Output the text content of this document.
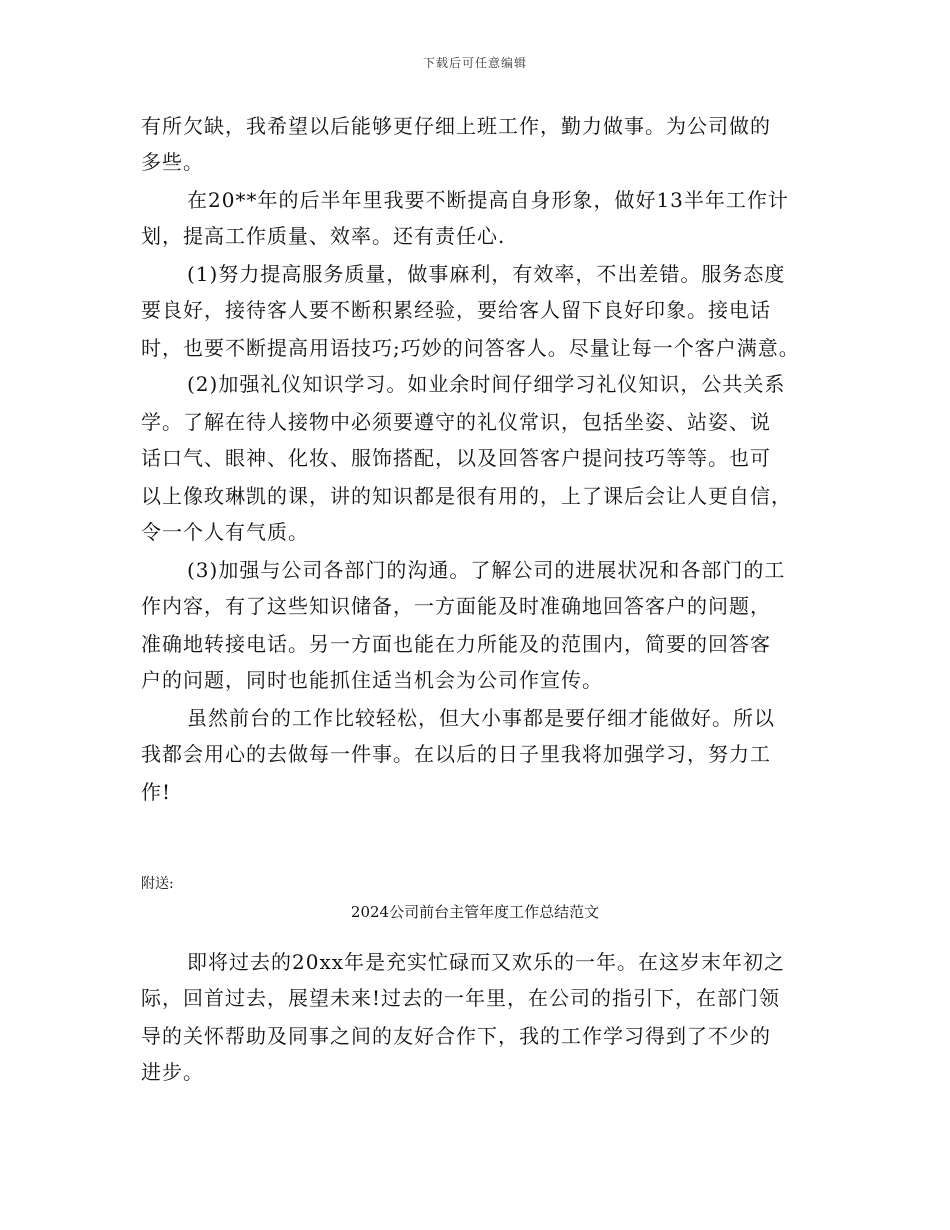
下载后可任意编辑
有所欠缺，我希望以后能够更仔细上班工作，勤力做事。为公司做的
多些。
在20**年的后半年里我要不断提高自身形象，做好13半年工作计
划，提高工作质量、效率。还有责任心.
(1)努力提高服务质量，做事麻利，有效率，不出差错。服务态度
要良好，接待客人要不断积累经验，要给客人留下良好印象。接电话
时，也要不断提高用语技巧;巧妙的问答客人。尽量让每一个客户满意。
(2)加强礼仪知识学习。如业余时间仔细学习礼仪知识，公共关系
学。了解在待人接物中必须要遵守的礼仪常识，包括坐姿、站姿、说
话口气、眼神、化妆、服饰搭配，以及回答客户提问技巧等等。也可
以上像玫琳凯的课，讲的知识都是很有用的，上了课后会让人更自信，
令一个人有气质。
(3)加强与公司各部门的沟通。了解公司的进展状况和各部门的工
作内容，有了这些知识储备，一方面能及时准确地回答客户的问题，
准确地转接电话。另一方面也能在力所能及的范围内，简要的回答客
户的问题，同时也能抓住适当机会为公司作宣传。
虽然前台的工作比较轻松，但大小事都是要仔细才能做好。所以
我都会用心的去做每一件事。在以后的日子里我将加强学习，努力工
作!
附送:
2024公司前台主管年度工作总结范文
即将过去的20xx年是充实忙碌而又欢乐的一年。在这岁末年初之
际，回首过去，展望未来!过去的一年里，在公司的指引下，在部门领
导的关怀帮助及同事之间的友好合作下，我的工作学习得到了不少的
进步。
